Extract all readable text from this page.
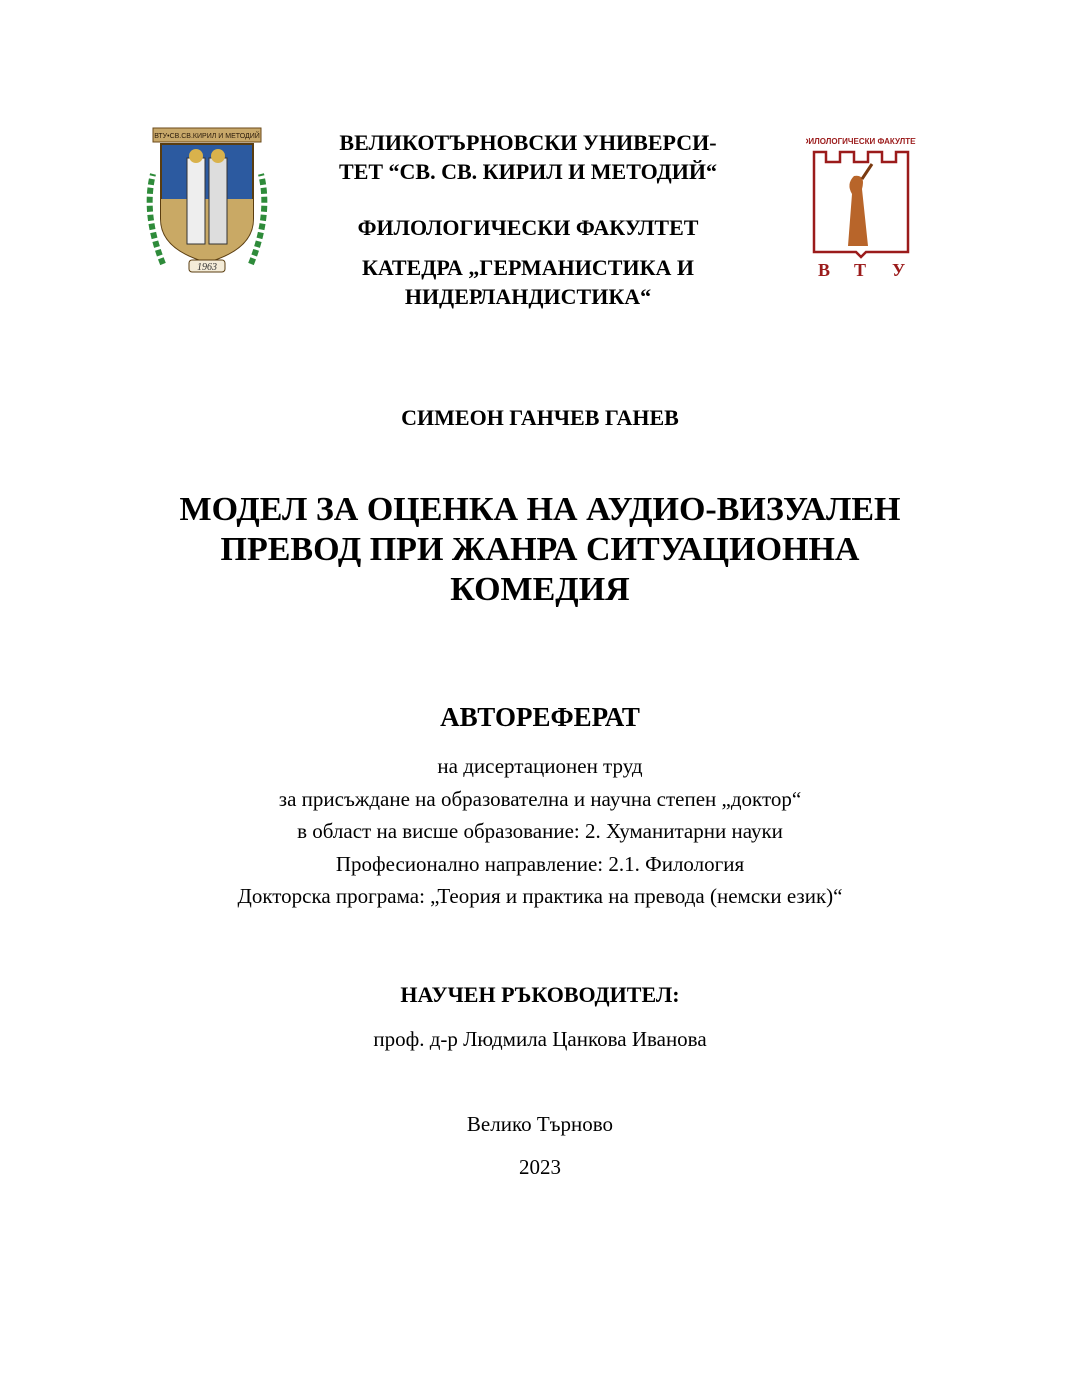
ВТУ•СВ.СВ.КИРИЛ И МЕТОДИЙ
1963
ВЕЛИКОТЪРНОВСКИ УНИВЕРСИ-
ТЕТ “СВ. СВ. КИРИЛ И МЕТОДИЙ“
ФИЛОЛОГИЧЕСКИ ФАКУЛТЕТ
КАТЕДРА „ГЕРМАНИСТИКА И
НИДЕРЛАНДИСТИКА“
ФИЛОЛОГИЧЕСКИ ФАКУЛТЕТ
В Т У
СИМЕОН ГАНЧЕВ ГАНЕВ
МОДЕЛ ЗА ОЦЕНКА НА АУДИО-ВИЗУАЛЕН
ПРЕВОД ПРИ ЖАНРА СИТУАЦИОННА
КОМЕДИЯ
АВТОРЕФЕРАТ
на дисертационен труд
за присъждане на образователна и научна степен „доктор“
в област на висше образование: 2. Хуманитарни науки
Професионално направление: 2.1. Филология
Докторска програма: „Теория и практика на превода (немски език)“
НАУЧЕН РЪКОВОДИТЕЛ:
проф. д-р Людмила Цанкова Иванова
Велико Търново
2023
